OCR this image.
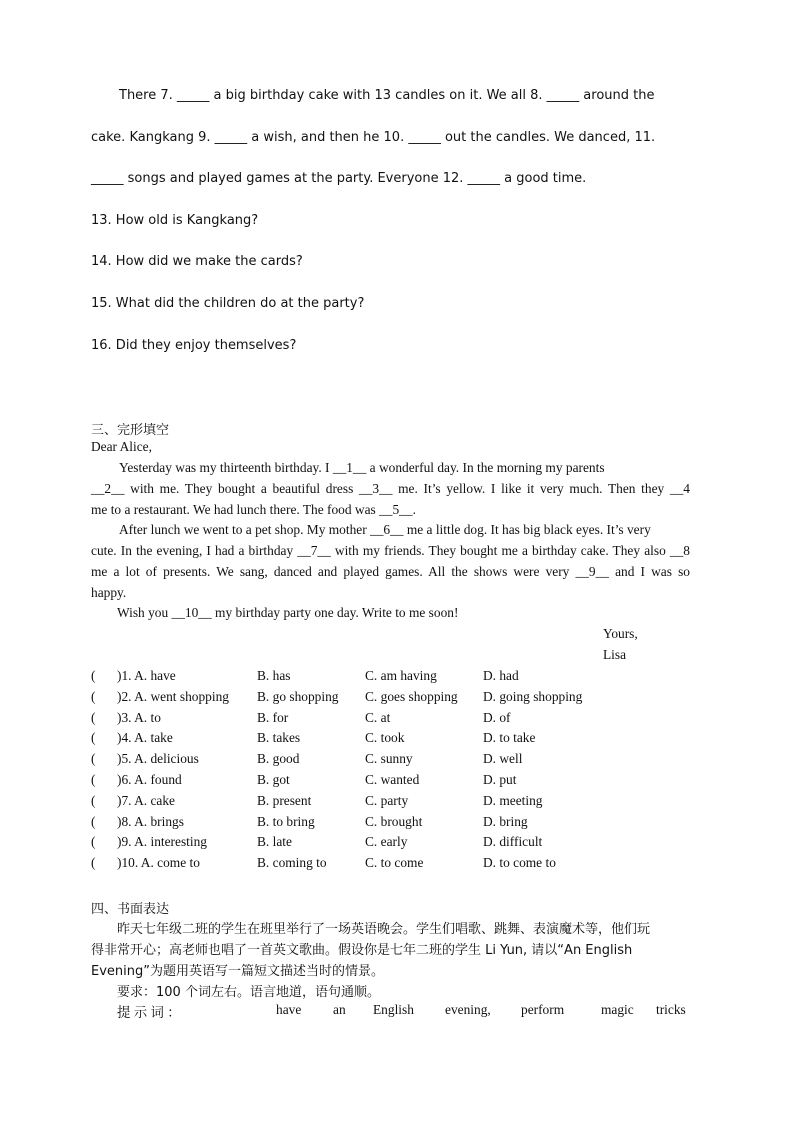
There 7. _____ a big birthday cake with 13 candles on it. We all 8. _____ around the
cake. Kangkang 9. _____ a wish, and then he 10. _____ out the candles. We danced, 11.
_____ songs and played games at the party. Everyone 12. _____ a good time.
13. How old is Kangkang?
14. How did we make the cards?
15. What did the children do at the party?
16. Did they enjoy themselves?
三、完形填空
Dear Alice,
Yesterday was my thirteenth birthday. I __1__ a wonderful day. In the morning my parents
__2__ with me. They bought a beautiful dress __3__ me. It’s yellow. I like it very much. Then they __4
me to a restaurant. We had lunch there. The food was __5__.
After lunch we went to a pet shop. My mother __6__ me a little dog. It has big black eyes. It’s very
cute. In the evening, I had a birthday __7__ with my friends. They bought me a birthday cake. They also __8
me a lot of presents. We sang, danced and played games. All the shows were very __9__ and I was so
happy.
Wish you __10__ my birthday party one day. Write to me soon!
Yours,
Lisa
( )1. A. have	B. has	C. am having	D. had
( )2. A. went shopping B. go shopping C. goes shopping D. going shopping
( )3. A. to	B. for	C. at	D. of
( )4. A. take	B. takes	C. took	D. to take
( )5. A. delicious	B. good	C. sunny	D. well
( )6. A. found	B. got	C. wanted	D. put
( )7. A. cake	B. present	C. party	D. meeting
( )8. A. brings	B. to bring	C. brought	D. bring
( )9. A. interesting	B. late	C. early	D. difficult
( )10. A. come to	B. coming to	C. to come	D. to come to
四、书面表达
昨天七年级二班的学生在班里举行了一场英语晚会。学生们唱歌、跳舞、表演魔术等，他们玩
得非常开心；高老师也唱了一首英文歌曲。假设你是七年二班的学生 Li Yun, 请以“An English
Evening”为题用英语写一篇短文描述当时的情景。
要求：100 个词左右。语言地道，语句通顺。
提 示 词 ：	have an English evening, perform	magic tricks
